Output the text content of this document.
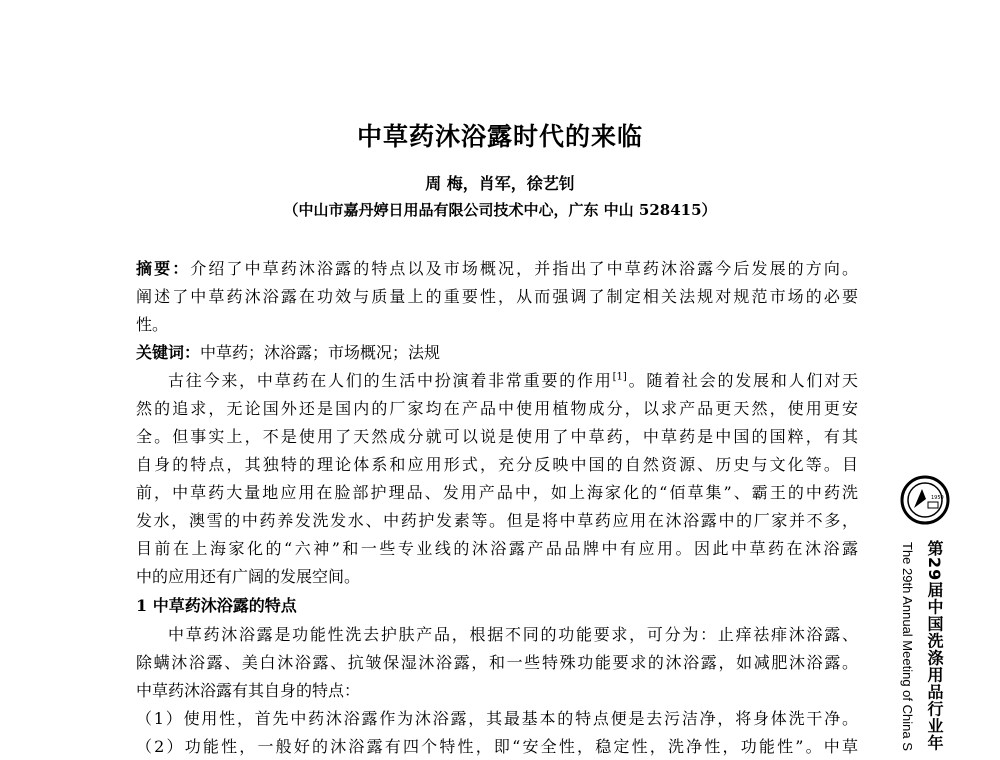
中草药沐浴露时代的来临
周 梅，肖军，徐艺钊
（中山市嘉丹婷日用品有限公司技术中心，广东 中山 528415）
摘要：介绍了中草药沐浴露的特点以及市场概况，并指出了中草药沐浴露今后发展的方向。
阐述了中草药沐浴露在功效与质量上的重要性，从而强调了制定相关法规对规范市场的必要
性。
关键词：中草药；沐浴露；市场概况；法规
古往今来，中草药在人们的生活中扮演着非常重要的作用[1]。随着社会的发展和人们对天
然的追求，无论国外还是国内的厂家均在产品中使用植物成分，以求产品更天然，使用更安
全。但事实上，不是使用了天然成分就可以说是使用了中草药，中草药是中国的国粹，有其
自身的特点，其独特的理论体系和应用形式，充分反映中国的自然资源、历史与文化等。目
前，中草药大量地应用在脸部护理品、发用产品中，如上海家化的“佰草集”、霸王的中药洗
发水，澳雪的中药养发洗发水、中药护发素等。但是将中草药应用在沐浴露中的厂家并不多，
目前在上海家化的“六神”和一些专业线的沐浴露产品品牌中有应用。因此中草药在沐浴露
中的应用还有广阔的发展空间。
1 中草药沐浴露的特点
中草药沐浴露是功能性洗去护肤产品，根据不同的功能要求，可分为：止痒祛痱沐浴露、
除螨沐浴露、美白沐浴露、抗皱保湿沐浴露，和一些特殊功能要求的沐浴露，如减肥沐浴露。
中草药沐浴露有其自身的特点：
（1）使用性，首先中药沐浴露作为沐浴露，其最基本的特点便是去污洁净，将身体洗干净。
（2）功能性，一般好的沐浴露有四个特性，即“安全性，稳定性，洗净性，功能性”。中草
1950
第29届中国洗涤用品行业年
The 29th Annual Meeting of China S
